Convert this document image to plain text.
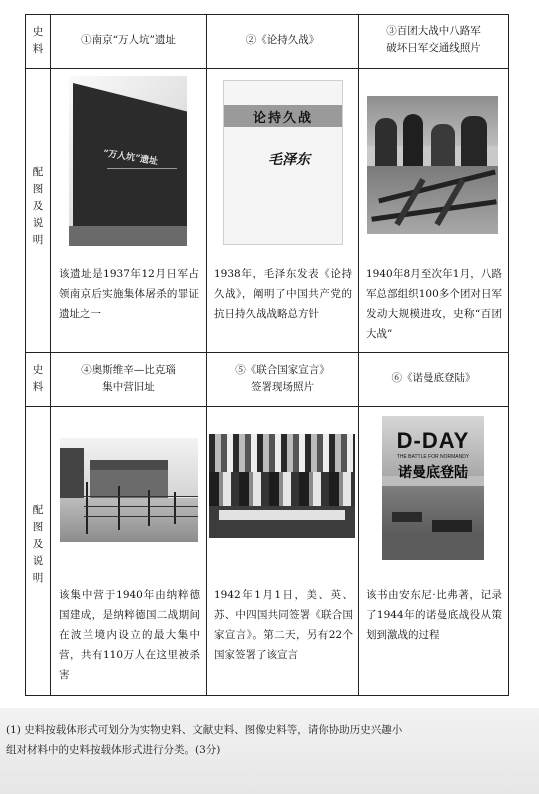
史料
①南京“万人坑”遗址	②《论持久战》
③百团大战中八路军
破坏日军交通线照片
配图及说明
“万人坑”遗址
论持久战
毛泽东
该遗址是1937年12月日军占领南京后实施集体屠杀的罪证遗址之一
1938年，毛泽东发表《论持久战》，阐明了中国共产党的抗日持久战战略总方针
1940年8月至次年1月，八路军总部组织100多个团对日军发动大规模进攻，史称“百团大战”
史料
④奥斯维辛—比克瑙
集中营旧址
⑤《联合国家宣言》
签署现场照片
⑥《诺曼底登陆》
配图及说明
D-DAY
THE BATTLE FOR NORMANDY
诺曼底登陆
该集中营于1940年由纳粹德国建成，是纳粹德国二战期间在波兰境内设立的最大集中营，共有110万人在这里被杀害
1942年1月1日，美、英、苏、中四国共同签署《联合国家宣言》。第二天，另有22个国家签署了该宣言
该书由安东尼·比弗著，记录了1944年的诺曼底战役从策划到激战的过程
(1) 史料按载体形式可划分为实物史料、文献史料、图像史料等，请你协助历史兴趣小
组对材料中的史料按载体形式进行分类。(3分)
